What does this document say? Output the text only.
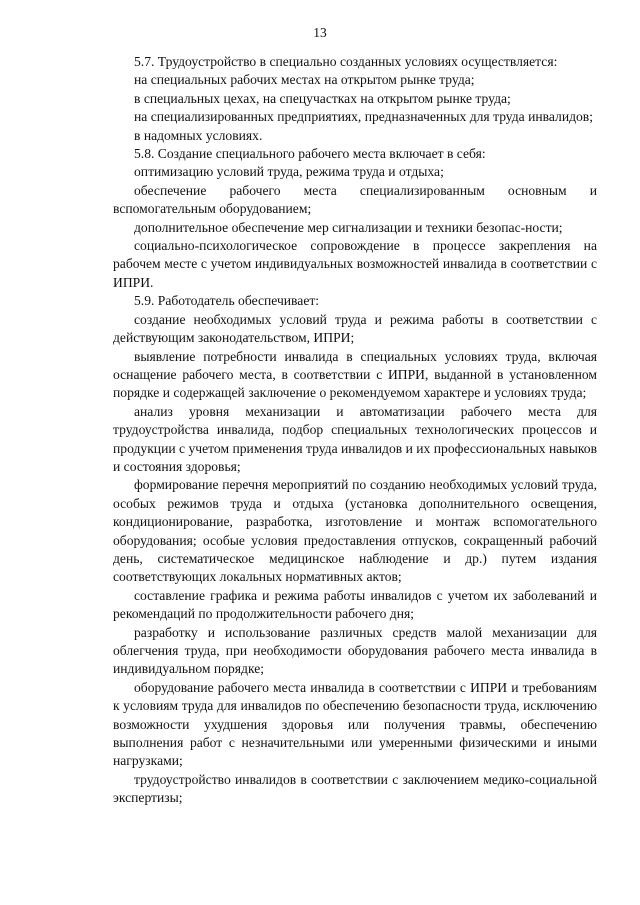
13

5.7. Трудоустройство в специально созданных условиях осуществляется:

на специальных рабочих местах на открытом рынке труда;

в специальных цехах, на спецучастках на открытом рынке труда;

на специализированных предприятиях, предназначенных для труда инвалидов;

в надомных условиях.

5.8. Создание специального рабочего места включает в себя:

оптимизацию условий труда, режима труда и отдыха;

обеспечение рабочего места специализированным основным и вспомогательным оборудованием;

дополнительное обеспечение мер сигнализации и техники безопас-ности;

социально-психологическое сопровождение в процессе закрепления на рабочем месте с учетом индивидуальных возможностей инвалида в соответствии с ИПРИ.

5.9. Работодатель обеспечивает:

создание необходимых условий труда и режима работы в соответствии с действующим законодательством, ИПРИ;

выявление потребности инвалида в специальных условиях труда, включая оснащение рабочего места, в соответствии с ИПРИ, выданной в установленном порядке и содержащей заключение о рекомендуемом характере и условиях труда;

анализ уровня механизации и автоматизации рабочего места для трудоустройства инвалида, подбор специальных технологических процессов и продукции с учетом применения труда инвалидов и их профессиональных навыков и состояния здоровья;

формирование перечня мероприятий по созданию необходимых условий труда, особых режимов труда и отдыха (установка дополнительного освещения, кондиционирование, разработка, изготовление и монтаж вспомогательного оборудования; особые условия предоставления отпусков, сокращенный рабочий день, систематическое медицинское наблюдение и др.) путем издания соответствующих локальных нормативных актов;

составление графика и режима работы инвалидов с учетом их заболеваний и рекомендаций по продолжительности рабочего дня;

разработку и использование различных средств малой механизации для облегчения труда, при необходимости оборудования рабочего места инвалида в индивидуальном порядке;

оборудование рабочего места инвалида в соответствии с ИПРИ и требованиям к условиям труда для инвалидов по обеспечению безопасности труда, исключению возможности ухудшения здоровья или получения травмы, обеспечению выполнения работ с незначительными или умеренными физическими и иными нагрузками;

трудоустройство инвалидов в соответствии с заключением медико-социальной экспертизы;
